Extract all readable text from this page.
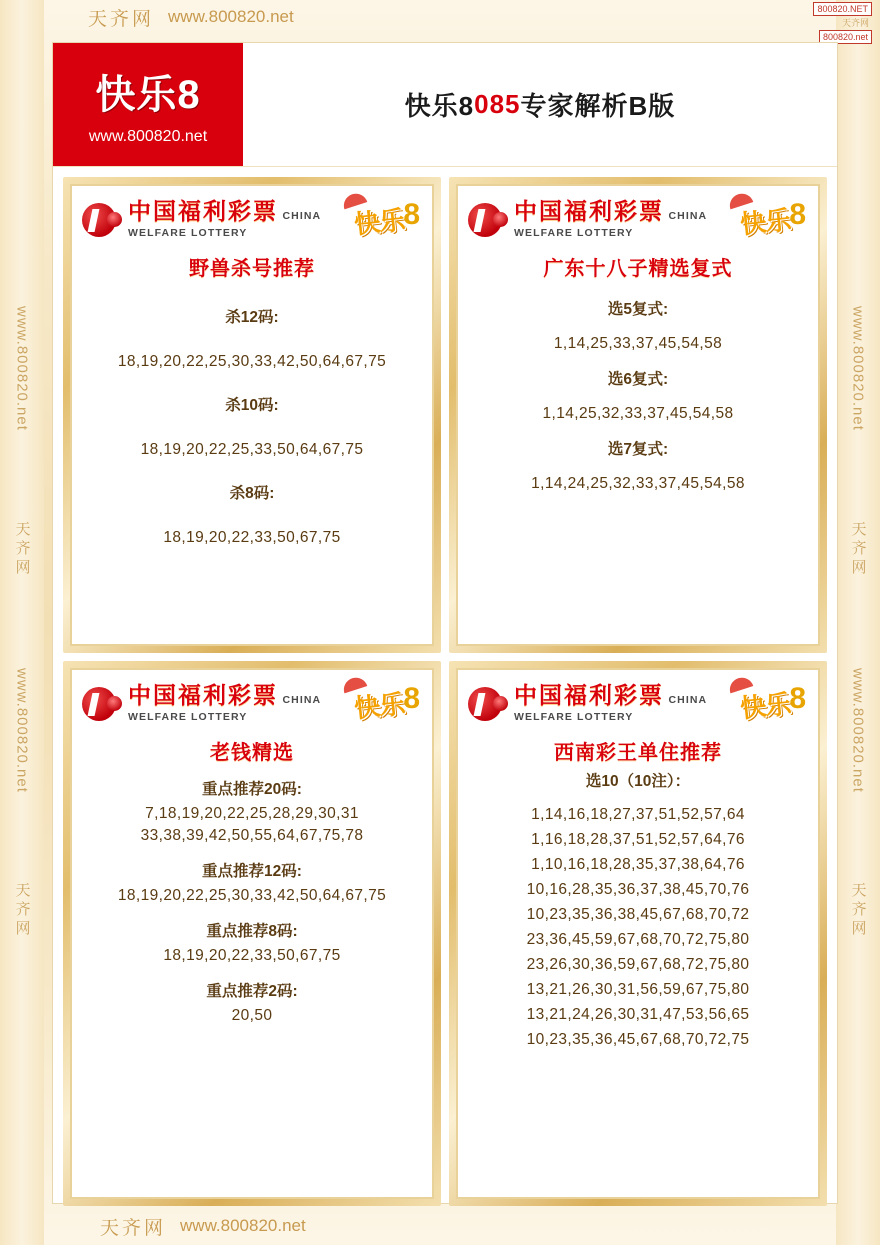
www.800820.net
天齐网
www.800820.net
天齐网
www.800820.net
天齐网
www.800820.net
天齐网
天齐网 www.800820.net	800820.NET
天齐网
800820.net
快乐8
www.800820.net
快乐8 085 专家解析B版
中国福利彩票 CHINA WELFARE LOTTERY	快乐
8
野兽杀号推荐
杀12码:
18,19,20,22,25,30,33,42,50,64,67,75
杀10码:
18,19,20,22,25,33,50,64,67,75
杀8码:
18,19,20,22,33,50,67,75
中国福利彩票 CHINA WELFARE LOTTERY	快乐
8
广东十八子精选复式
选5复式:
1,14,25,33,37,45,54,58
选6复式:
1,14,25,32,33,37,45,54,58
选7复式:
1,14,24,25,32,33,37,45,54,58
中国福利彩票 CHINA WELFARE LOTTERY	快乐
8
老钱精选
重点推荐20码:
7,18,19,20,22,25,28,29,30,31
33,38,39,42,50,55,64,67,75,78
重点推荐12码:
18,19,20,22,25,30,33,42,50,64,67,75
重点推荐8码:
18,19,20,22,33,50,67,75
重点推荐2码:
20,50
中国福利彩票 CHINA WELFARE LOTTERY	快乐
8
西南彩王单住推荐
选10（10注）：
1,14,16,18,27,37,51,52,57,64
1,16,18,28,37,51,52,57,64,76
1,10,16,18,28,35,37,38,64,76
10,16,28,35,36,37,38,45,70,76
10,23,35,36,38,45,67,68,70,72
23,36,45,59,67,68,70,72,75,80
23,26,30,36,59,67,68,72,75,80
13,21,26,30,31,56,59,67,75,80
13,21,24,26,30,31,47,53,56,65
10,23,35,36,45,67,68,70,72,75
天齐网 www.800820.net
